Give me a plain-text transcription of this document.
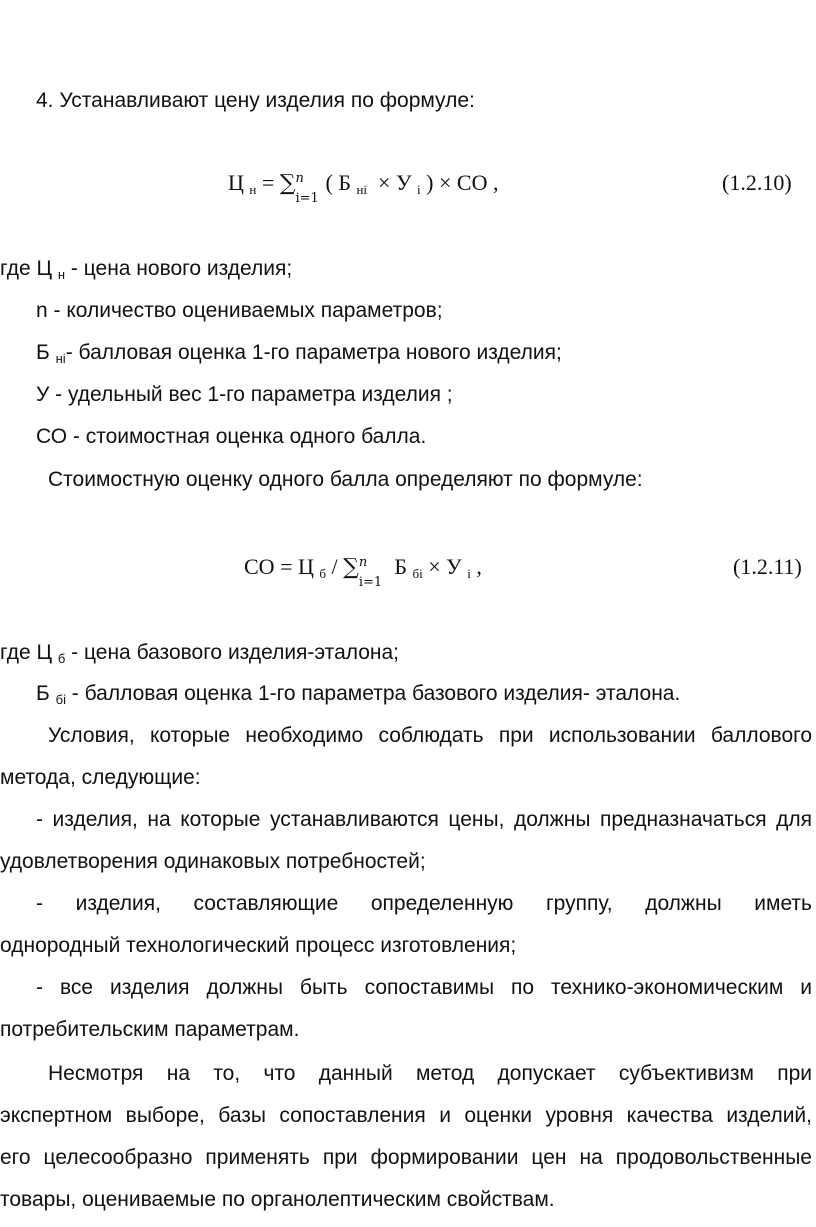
4. Устанавливают цену изделия по формуле:
Ц н = ∑ n
i=1
( Б нi × У i ) × СО ,	(1.2.10)
где Ц н - цена нового изделия;
n - количество оцениваемых параметров;
Б нi- балловая оценка 1-го параметра нового изделия;
У - удельный вес 1-го параметра изделия ;
СО - стоимостная оценка одного балла.
Стоимостную оценку одного балла определяют по формуле:
СО = Ц б / ∑ n
i=1
Б бi × У i ,	(1.2.11)
где Ц б - цена базового изделия-эталона;
Б бi - балловая оценка 1-го параметра базового изделия- эталона.
Условия, которые необходимо соблюдать при использовании баллового
метода, следующие:
- изделия, на которые устанавливаются цены, должны предназначаться для
удовлетворения одинаковых потребностей;
- изделия, составляющие определенную группу, должны иметь
однородный технологический процесс изготовления;
- все изделия должны быть сопоставимы по технико-экономическим и
потребительским параметрам.
Несмотря на то, что данный метод допускает субъективизм при
экспертном выборе, базы сопоставления и оценки уровня качества изделий,
его целесообразно применять при формировании цен на продовольственные
товары, оцениваемые по органолептическим свойствам.
